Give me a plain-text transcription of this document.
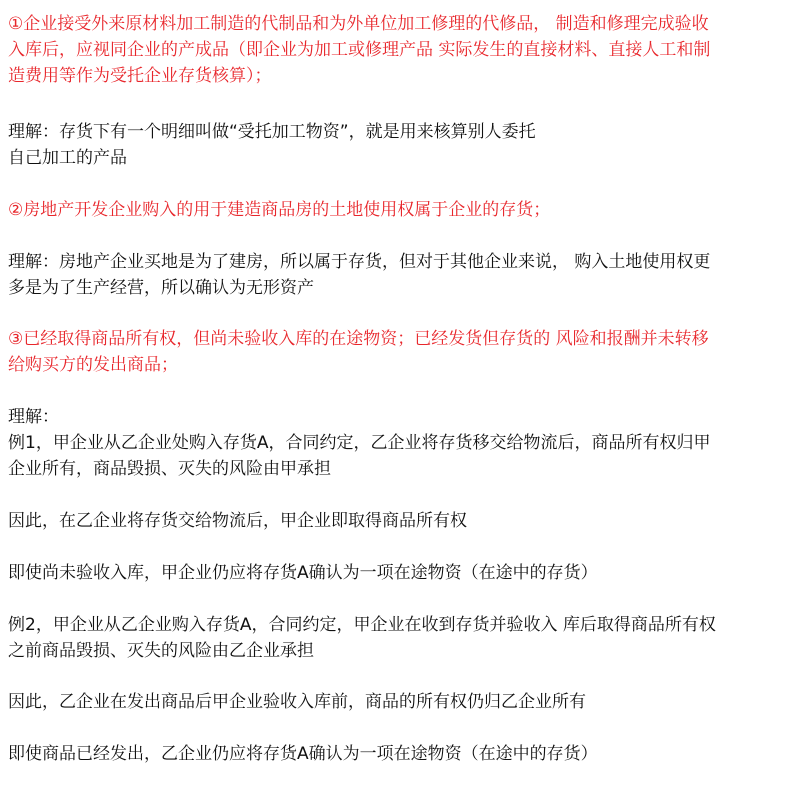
①企业接受外来原材料加工制造的代制品和为外单位加工修理的代修品， 制造和修理完成验收

入库后，应视同企业的产成品（即企业为加工或修理产品 实际发生的直接材料、直接人工和制

造费用等作为受托企业存货核算）；

理解：存货下有一个明细叫做“受托加工物资”，就是用来核算别人委托

自己加工的产品

②房地产开发企业购入的用于建造商品房的土地使用权属于企业的存货；

理解：房地产企业买地是为了建房，所以属于存货，但对于其他企业来说， 购入土地使用权更

多是为了生产经营，所以确认为无形资产

③已经取得商品所有权，但尚未验收入库的在途物资；已经发货但存货的 风险和报酬并未转移

给购买方的发出商品；

理解：

例1，甲企业从乙企业处购入存货A，合同约定，乙企业将存货移交给物流后，商品所有权归甲

企业所有，商品毁损、灭失的风险由甲承担

因此，在乙企业将存货交给物流后，甲企业即取得商品所有权

即使尚未验收入库，甲企业仍应将存货A确认为一项在途物资（在途中的存货）

例2，甲企业从乙企业购入存货A，合同约定，甲企业在收到存货并验收入 库后取得商品所有权

之前商品毁损、灭失的风险由乙企业承担

因此，乙企业在发出商品后甲企业验收入库前，商品的所有权仍归乙企业所有

即使商品已经发出，乙企业仍应将存货A确认为一项在途物资（在途中的存货）
